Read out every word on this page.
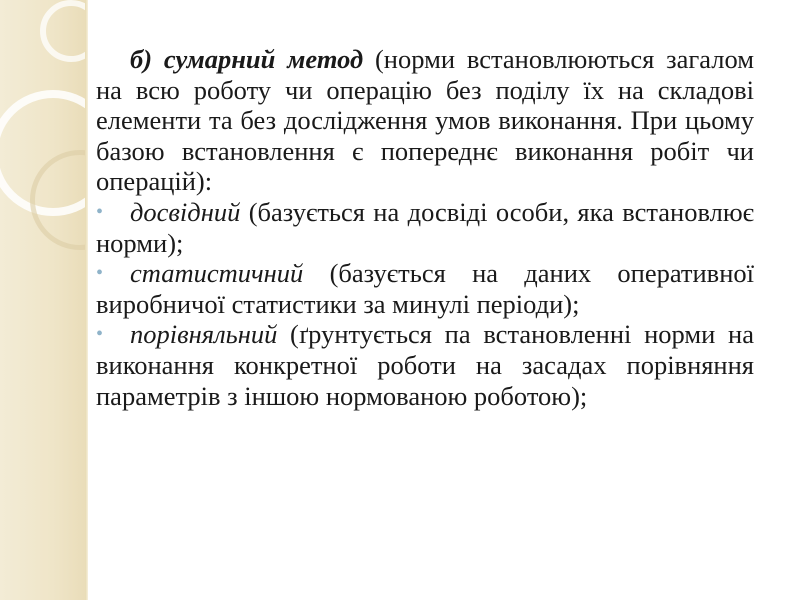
б) сумарний метод (норми встановлюються загалом на всю роботу чи операцію без поділу їх на складові елементи та без дослідження умов виконання. При цьому базою встановлення є попереднє виконання робіт чи операцій):

•	досвідний (базується на досвіді особи, яка встановлює норми);

•	статистичний (базується на даних оперативної виробничої статистики за минулі періоди);

•	порівняльний (ґрунтується па встановленні норми на виконання конкретної роботи на засадах порівняння параметрів з іншою нормованою роботою);
